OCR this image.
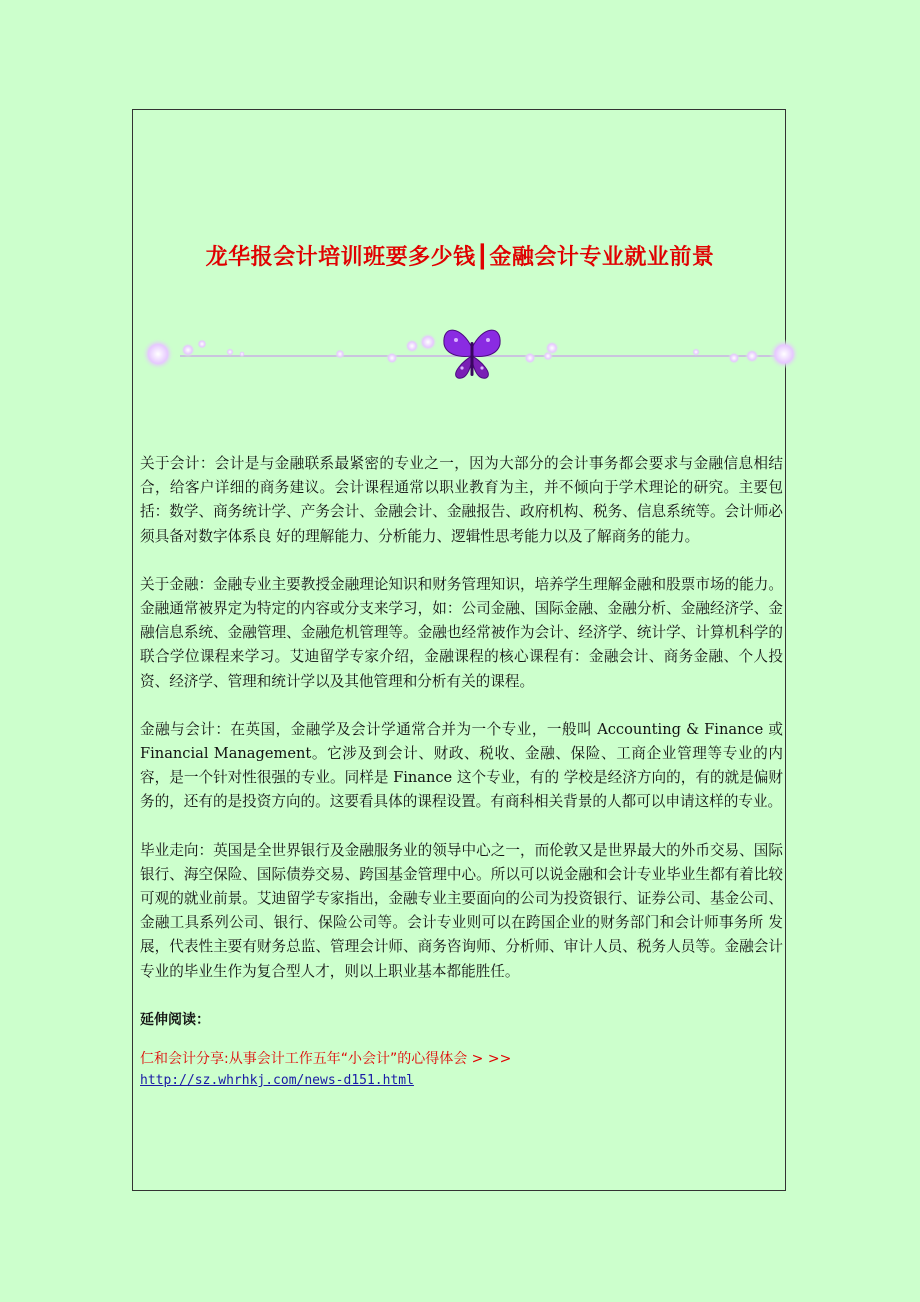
龙华报会计培训班要多少钱┃金融会计专业就业前景

关于会计：会计是与金融联系最紧密的专业之一，因为大部分的会计事务都会要求与金融信息相结合，给客户详细的商务建议。会计课程通常以职业教育为主，并不倾向于学术理论的研究。主要包括：数学、商务统计学、产务会计、金融会计、金融报告、政府机构、税务、信息系统等。会计师必须具备对数字体系良 好的理解能力、分析能力、逻辑性思考能力以及了解商务的能力。

关于金融：金融专业主要教授金融理论知识和财务管理知识，培养学生理解金融和股票市场的能力。金融通常被界定为特定的内容或分支来学习，如：公司金融、国际金融、金融分析、金融经济学、金融信息系统、金融管理、金融危机管理等。金融也经常被作为会计、经济学、统计学、计算机科学的联合学位课程来学习。艾迪留学专家介绍，金融课程的核心课程有：金融会计、商务金融、个人投资、经济学、管理和统计学以及其他管理和分析有关的课程。

金融与会计：在英国，金融学及会计学通常合并为一个专业，一般叫 Accounting & Finance 或 Financial Management。它涉及到会计、财政、税收、金融、保险、工商企业管理等专业的内容，是一个针对性很强的专业。同样是 Finance 这个专业，有的 学校是经济方向的，有的就是偏财务的，还有的是投资方向的。这要看具体的课程设置。有商科相关背景的人都可以申请这样的专业。

毕业走向：英国是全世界银行及金融服务业的领导中心之一，而伦敦又是世界最大的外币交易、国际银行、海空保险、国际债券交易、跨国基金管理中心。所以可以说金融和会计专业毕业生都有着比较可观的就业前景。艾迪留学专家指出，金融专业主要面向的公司为投资银行、证券公司、基金公司、金融工具系列公司、银行、保险公司等。会计专业则可以在跨国企业的财务部门和会计师事务所 发展，代表性主要有财务总监、管理会计师、商务咨询师、分析师、审计人员、税务人员等。金融会计专业的毕业生作为复合型人才，则以上职业基本都能胜任。

延伸阅读：

仁和会计分享:从事会计工作五年“小会计”的心得体会 > >>

http://sz.whrhkj.com/news-d151.html
